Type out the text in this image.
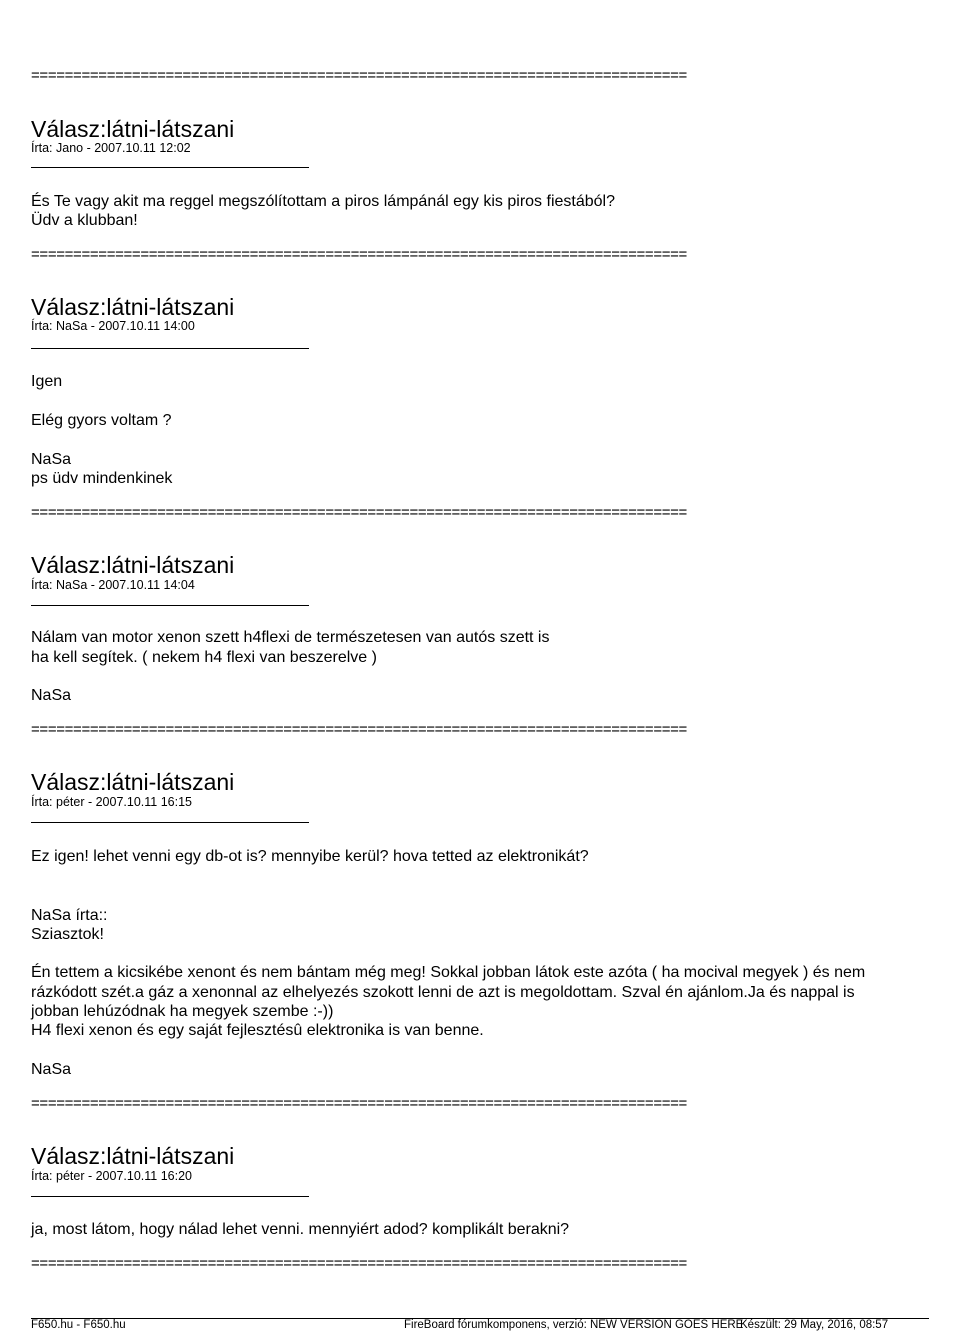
==============================================================================
==============================================================================
==============================================================================
==============================================================================
==============================================================================
==============================================================================
Válasz:látni-látszani
Írta: Jano - 2007.10.11 12:02
És Te vagy akit ma reggel megszólítottam a piros lámpánál egy kis piros fiestából?
Üdv a klubban!
Válasz:látni-látszani
Írta: NaSa - 2007.10.11 14:00
Igen
Elég gyors voltam ?
NaSa
ps üdv mindenkinek
Válasz:látni-látszani
Írta: NaSa - 2007.10.11 14:04
Nálam van motor xenon szett h4flexi de természetesen van autós szett is
ha kell segítek. ( nekem h4 flexi van beszerelve )
NaSa
Válasz:látni-látszani
Írta: péter - 2007.10.11 16:15
Ez igen! lehet venni egy db-ot is? mennyibe kerül? hova tetted az elektronikát?
NaSa írta::
Sziasztok!
Én tettem a kicsikébe xenont és nem bántam még meg! Sokkal jobban látok este azóta ( ha mocival megyek ) és nem
rázkódott szét.a gáz a xenonnal az elhelyezés szokott lenni de azt is megoldottam. Szval én ajánlom.Ja és nappal is
jobban lehúzódnak ha megyek szembe :-))
H4 flexi xenon és egy saját fejlesztésû elektronika is van benne.
NaSa
Válasz:látni-látszani
Írta: péter - 2007.10.11 16:20
ja, most látom, hogy nálad lehet venni. mennyiért adod? komplikált berakni?
F650.hu - F650.hu	FireBoard fórumkomponens, verzió: NEW VERSION GOES HERE
Készült: 29 May, 2016, 08:57
